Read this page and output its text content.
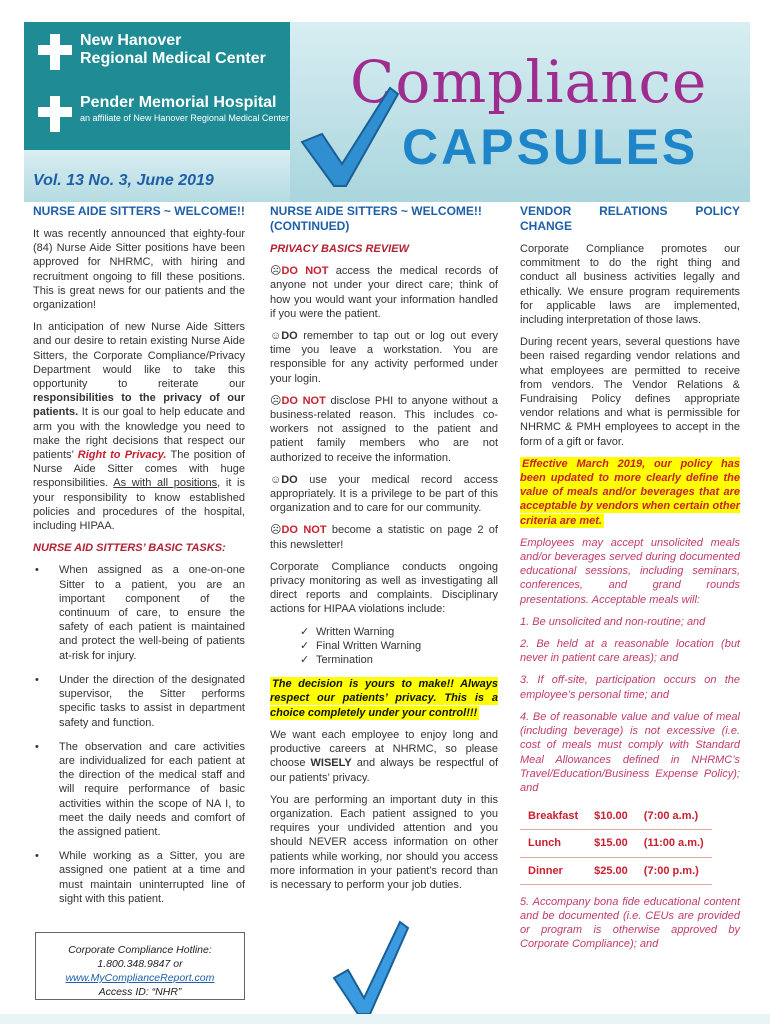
New Hanover
Regional Medical Center
Pender Memorial Hospital
an affiliate of New Hanover Regional Medical Center
Compliance
CAPSULES
Vol. 13 No. 3, June 2019
NURSE AIDE SITTERS ~ WELCOME!!

It was recently announced that eighty-four (84) Nurse Aide Sitter positions have been approved for NHRMC, with hiring and recruitment ongoing to fill these positions. This is great news for our patients and the organization!

In anticipation of new Nurse Aide Sitters and our desire to retain existing Nurse Aide Sitters, the Corporate Compliance/Privacy Department would like to take this opportunity to reiterate our responsibilities to the privacy of our patients. It is our goal to help educate and arm you with the knowledge you need to make the right decisions that respect our patients’ Right to Privacy. The position of Nurse Aide Sitter comes with huge responsibilities. As with all positions, it is your responsibility to know established policies and procedures of the hospital, including HIPAA.

NURSE AID SITTERS’ BASIC TASKS:
• When assigned as a one-on-one Sitter to a patient, you are an important component of the continuum of care, to ensure the safety of each patient is maintained and protect the well-being of patients at-risk for injury.
• Under the direction of the designated supervisor, the Sitter performs specific tasks to assist in department safety and function.
• The observation and care activities are individualized for each patient at the direction of the medical staff and will require performance of basic activities within the scope of NA I, to meet the daily needs and comfort of the assigned patient.
• While working as a Sitter, you are assigned one patient at a time and must maintain uninterrupted line of sight with this patient.
Corporate Compliance Hotline:
1.800.348.9847 or
www.MyComplianceReport.com
Access ID: “NHR”
NURSE AIDE SITTERS ~ WELCOME!! (CONTINUED)
PRIVACY BASICS REVIEW

☹DO NOT access the medical records of anyone not under your direct care; think of how you would want your information handled if you were the patient.

☺DO remember to tap out or log out every time you leave a workstation. You are responsible for any activity performed under your login.

☹DO NOT disclose PHI to anyone without a business-related reason. This includes co-workers not assigned to the patient and patient family members who are not authorized to receive the information.

☺DO use your medical record access appropriately. It is a privilege to be part of this organization and to care for our community.

☹DO NOT become a statistic on page 2 of this newsletter!

Corporate Compliance conducts ongoing privacy monitoring as well as investigating all direct reports and complaints. Disciplinary actions for HIPAA violations include:

✓ Written Warning
✓ Final Written Warning
✓ Termination

The decision is yours to make!! Always respect our patients’ privacy. This is a choice completely under your control!!!

We want each employee to enjoy long and productive careers at NHRMC, so please choose WISELY and always be respectful of our patients’ privacy.

You are performing an important duty in this organization. Each patient assigned to you requires your undivided attention and you should NEVER access information on other patients while working, nor should you access more information in your patient’s record than is necessary to perform your job duties.

VENDOR RELATIONS POLICY CHANGE

Corporate Compliance promotes our commitment to do the right thing and conduct all business activities legally and ethically. We ensure program requirements for applicable laws are implemented, including interpretation of those laws.

During recent years, several questions have been raised regarding vendor relations and what employees are permitted to receive from vendors. The Vendor Relations & Fundraising Policy defines appropriate vendor relations and what is permissible for NHRMC & PMH employees to accept in the form of a gift or favor.

Effective March 2019, our policy has been updated to more clearly define the value of meals and/or beverages that are acceptable by vendors when certain other criteria are met.

Employees may accept unsolicited meals and/or beverages served during documented educational sessions, including seminars, conferences, and grand rounds presentations. Acceptable meals will:

1. Be unsolicited and non-routine; and

2. Be held at a reasonable location (but never in patient care areas); and

3. If off-site, participation occurs on the employee’s personal time; and

4. Be of reasonable value and value of meal (including beverage) is not excessive (i.e. cost of meals must comply with Standard Meal Allowances defined in NHRMC’s Travel/Education/Business Expense Policy); and

Breakfast	$10.00	(7:00 a.m.)
Lunch	$15.00	(11:00 a.m.)
Dinner	$25.00	(7:00 p.m.)

5. Accompany bona fide educational content and be documented (i.e. CEUs are provided or program is otherwise approved by Corporate Compliance); and
